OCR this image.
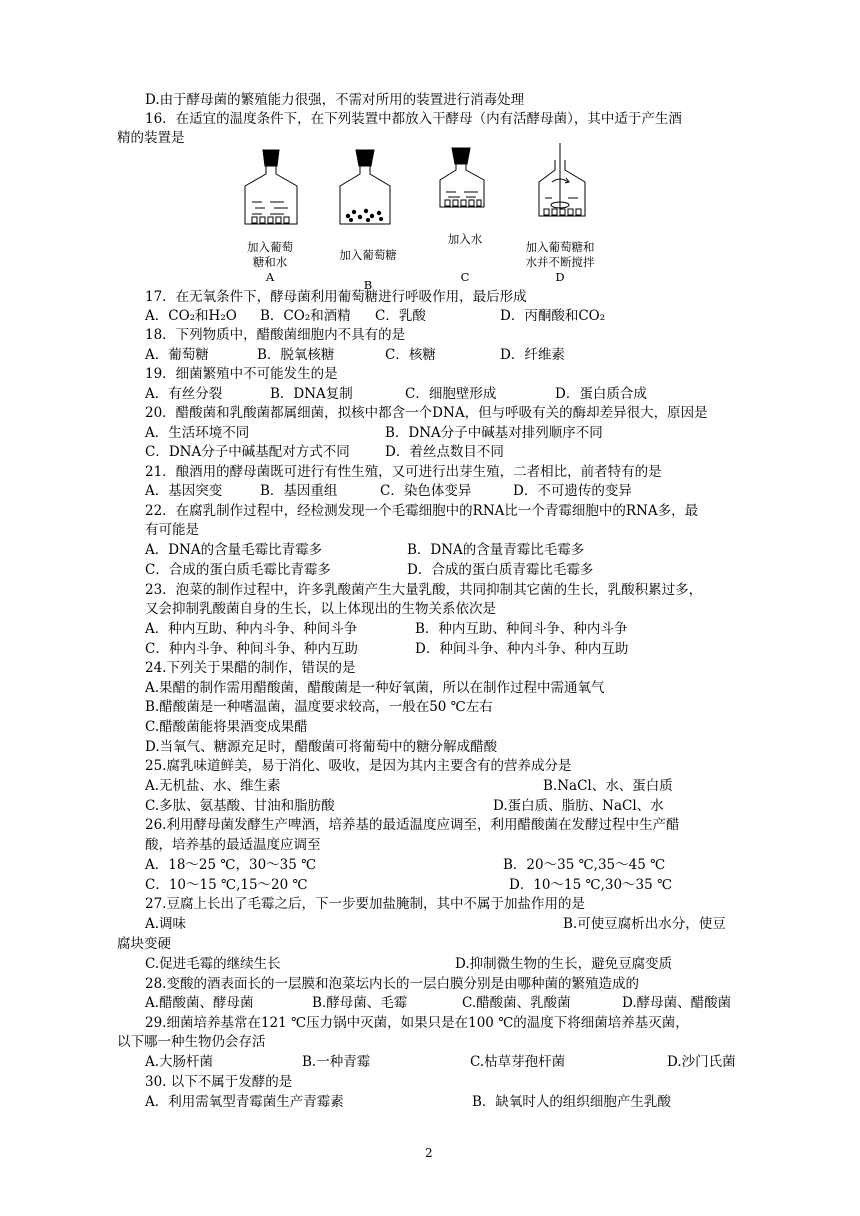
D.由于酵母菌的繁殖能力很强，不需对所用的装置进行消毒处理
16．在适宜的温度条件下，在下列装置中都放入干酵母（内有活酵母菌），其中适于产生酒
精的装置是
加入葡萄
糖和水
A
加入葡萄糖
B
加入水
C
加入葡萄糖和
水并不断搅拌
D
17．在无氧条件下，酵母菌利用葡萄糖进行呼吸作用，最后形成
A．CO₂和H₂O B．CO₂和酒精 C．乳酸	D．丙酮酸和CO₂
18．下列物质中，醋酸菌细胞内不具有的是
A．葡萄糖	B．脱氧核糖	C．核糖	D．纤维素
19．细菌繁殖中不可能发生的是
A．有丝分裂	B．DNA复制	C．细胞壁形成	D．蛋白质合成
20．醋酸菌和乳酸菌都属细菌，拟核中都含一个DNA，但与呼吸有关的酶却差异很大，原因是
A．生活环境不同	B．DNA分子中碱基对排列顺序不同
C．DNA分子中碱基配对方式不同	D．着丝点数目不同
21．酿酒用的酵母菌既可进行有性生殖，又可进行出芽生殖，二者相比，前者特有的是
A．基因突变	B．基因重组	C．染色体变异	D．不可遗传的变异
22．在腐乳制作过程中，经检测发现一个毛霉细胞中的RNA比一个青霉细胞中的RNA多，最
有可能是
A．DNA的含量毛霉比青霉多	B．DNA的含量青霉比毛霉多
C．合成的蛋白质毛霉比青霉多	D．合成的蛋白质青霉比毛霉多
23．泡菜的制作过程中，许多乳酸菌产生大量乳酸，共同抑制其它菌的生长，乳酸积累过多，
又会抑制乳酸菌自身的生长，以上体现出的生物关系依次是
A．种内互助、种内斗争、种间斗争	B．种内互助、种间斗争、种内斗争
C．种内斗争、种间斗争、种内互助	D．种间斗争、种内斗争、种内互助
24.下列关于果醋的制作，错误的是
A.果醋的制作需用醋酸菌，醋酸菌是一种好氧菌，所以在制作过程中需通氧气
B.醋酸菌是一种嗜温菌，温度要求较高，一般在50 ℃左右
C.醋酸菌能将果酒变成果醋
D.当氧气、糖源充足时，醋酸菌可将葡萄中的糖分解成醋酸
25.腐乳味道鲜美，易于消化、吸收，是因为其内主要含有的营养成分是
A.无机盐、水、维生素	B.NaCl、水、蛋白质
C.多肽、氨基酸、甘油和脂肪酸	D.蛋白质、脂肪、NaCl、水
26.利用酵母菌发酵生产啤酒，培养基的最适温度应调至，利用醋酸菌在发酵过程中生产醋
酸，培养基的最适温度应调至
A．18～25 ℃，30～35 ℃	B．20～35 ℃,35～45 ℃
C．10～15 ℃,15～20 ℃	D．10～15 ℃,30～35 ℃
27.豆腐上长出了毛霉之后，下一步要加盐腌制，其中不属于加盐作用的是
A.调味	B.可使豆腐析出水分，使豆
腐块变硬
C.促进毛霉的继续生长	D.抑制微生物的生长，避免豆腐变质
28.变酸的酒表面长的一层膜和泡菜坛内长的一层白膜分别是由哪种菌的繁殖造成的
A.醋酸菌、酵母菌	B.酵母菌、毛霉	C.醋酸菌、乳酸菌	D.酵母菌、醋酸菌
29.细菌培养基常在121 ℃压力锅中灭菌，如果只是在100 ℃的温度下将细菌培养基灭菌，
以下哪一种生物仍会存活
A.大肠杆菌	B.一种青霉	C.枯草芽孢杆菌	D.沙门氏菌
30. 以下不属于发酵的是
A．利用需氧型青霉菌生产青霉素	B．缺氧时人的组织细胞产生乳酸
2
